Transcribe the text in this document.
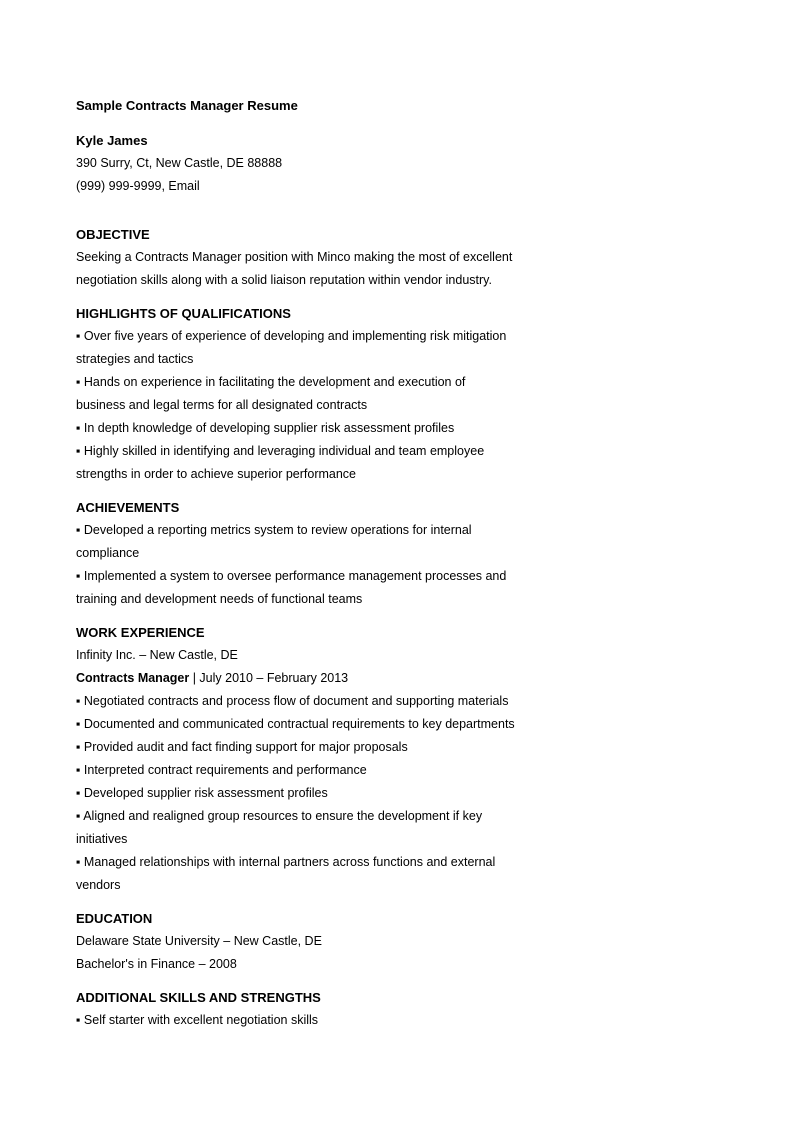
Sample Contracts Manager Resume
Kyle James
390 Surry, Ct, New Castle, DE 88888
(999) 999-9999, Email
OBJECTIVE
Seeking a Contracts Manager position with Minco making the most of excellent
negotiation skills along with a solid liaison reputation within vendor industry.
HIGHLIGHTS OF QUALIFICATIONS
▪ Over five years of experience of developing and implementing risk mitigation
strategies and tactics
▪ Hands on experience in facilitating the development and execution of
business and legal terms for all designated contracts
▪ In depth knowledge of developing supplier risk assessment profiles
▪ Highly skilled in identifying and leveraging individual and team employee
strengths in order to achieve superior performance
ACHIEVEMENTS
▪ Developed a reporting metrics system to review operations for internal
compliance
▪ Implemented a system to oversee performance management processes and
training and development needs of functional teams
WORK EXPERIENCE
Infinity Inc. – New Castle, DE
Contracts Manager | July 2010 – February 2013
▪ Negotiated contracts and process flow of document and supporting materials
▪ Documented and communicated contractual requirements to key departments
▪ Provided audit and fact finding support for major proposals
▪ Interpreted contract requirements and performance
▪ Developed supplier risk assessment profiles
▪ Aligned and realigned group resources to ensure the development if key
initiatives
▪ Managed relationships with internal partners across functions and external
vendors
EDUCATION
Delaware State University – New Castle, DE
Bachelor's in Finance – 2008
ADDITIONAL SKILLS AND STRENGTHS
▪ Self starter with excellent negotiation skills
